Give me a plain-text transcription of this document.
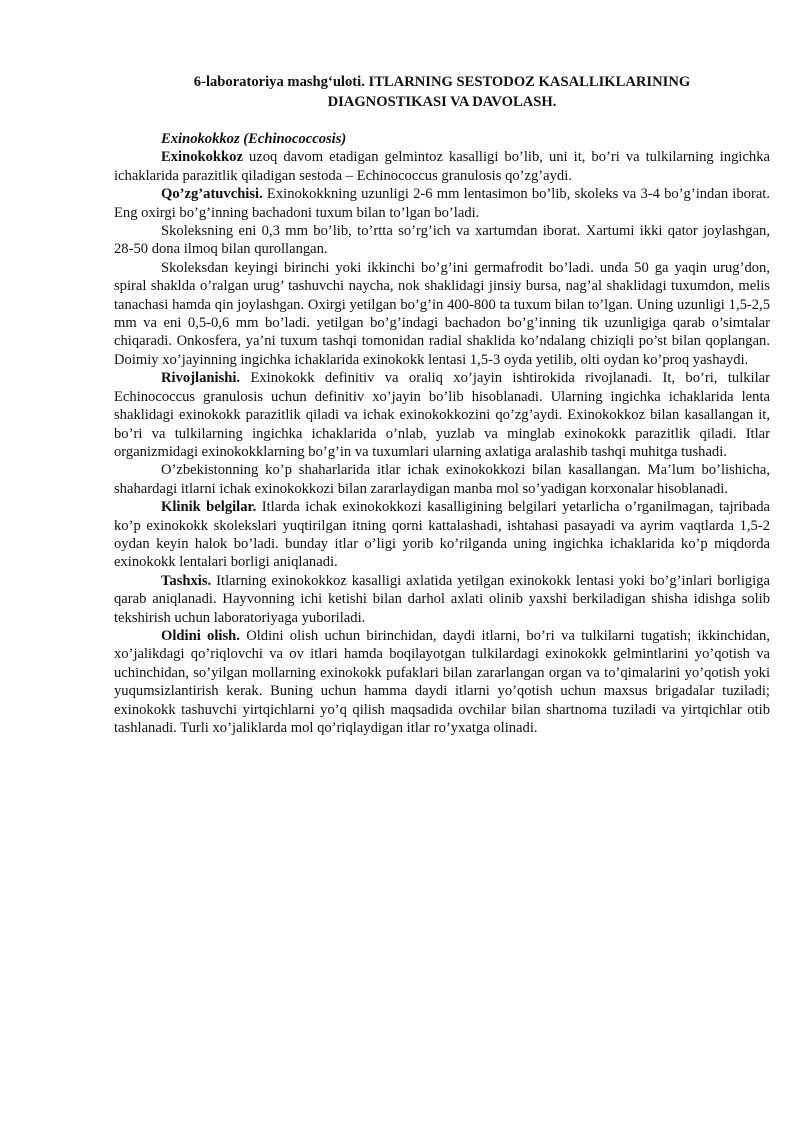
6-laboratoriya mashg‘uloti. ITLARNING SESTODOZ KASALLIKLARINING
DIAGNOSTIKASI VA DAVOLASH.

Exinokokkoz (Echinococcosis)

Exinokokkoz uzoq davom etadigan gelmintoz kasalligi bo’lib, uni it, bo’ri va tulkilarning ingichka ichaklarida parazitlik qiladigan sestoda – Echinococcus granulosis qo’zg’aydi.

Qo’zg’atuvchisi. Exinokokkning uzunligi 2-6 mm lentasimon bo’lib, skoleks va 3-4 bo’g’indan iborat. Eng oxirgi bo’g’inning bachadoni tuxum bilan to’lgan bo’ladi.

Skoleksning eni 0,3 mm bo’lib, to’rtta so’rg’ich va xartumdan iborat. Xartumi ikki qator joylashgan, 28-50 dona ilmoq bilan qurollangan.

Skoleksdan keyingi birinchi yoki ikkinchi bo’g’ini germafrodit bo’ladi. unda 50 ga yaqin urug’don, spiral shaklda o’ralgan urug’ tashuvchi naycha, nok shaklidagi jinsiy bursa, nag’al shaklidagi tuxumdon, melis tanachasi hamda qin joylashgan. Oxirgi yetilgan bo’g’in 400-800 ta tuxum bilan to’lgan. Uning uzunligi 1,5-2,5 mm va eni 0,5-0,6 mm bo’ladi. yetilgan bo’g’indagi bachadon bo’g’inning tik uzunligiga qarab o’simtalar chiqaradi. Onkosfera, ya’ni tuxum tashqi tomonidan radial shaklida ko’ndalang chiziqli po’st bilan qoplangan. Doimiy xo’jayinning ingichka ichaklarida exinokokk lentasi 1,5-3 oyda yetilib, olti oydan ko’proq yashaydi.

Rivojlanishi. Exinokokk definitiv va oraliq xo’jayin ishtirokida rivojlanadi. It, bo’ri, tulkilar Echinococcus granulosis uchun definitiv xo’jayin bo’lib hisoblanadi. Ularning ingichka ichaklarida lenta shaklidagi exinokokk parazitlik qiladi va ichak exinokokkozini qo’zg’aydi. Exinokokkoz bilan kasallangan it, bo’ri va tulkilarning ingichka ichaklarida o’nlab, yuzlab va minglab exinokokk parazitlik qiladi. Itlar organizmidagi exinokokklarning bo’g’in va tuxumlari ularning axlatiga aralashib tashqi muhitga tushadi.

O’zbekistonning ko’p shaharlarida itlar ichak exinokokkozi bilan kasallangan. Ma’lum bo’lishicha, shahardagi itlarni ichak exinokokkozi bilan zararlaydigan manba mol so’yadigan korxonalar hisoblanadi.

Klinik belgilar. Itlarda ichak exinokokkozi kasalligining belgilari yetarlicha o’rganilmagan, tajribada ko’p exinokokk skolekslari yuqtirilgan itning qorni kattalashadi, ishtahasi pasayadi va ayrim vaqtlarda 1,5-2 oydan keyin halok bo’ladi. bunday itlar o’ligi yorib ko’rilganda uning ingichka ichaklarida ko’p miqdorda exinokokk lentalari borligi aniqlanadi.

Tashxis. Itlarning exinokokkoz kasalligi axlatida yetilgan exinokokk lentasi yoki bo’g’inlari borligiga qarab aniqlanadi. Hayvonning ichi ketishi bilan darhol axlati olinib yaxshi berkiladigan shisha idishga solib tekshirish uchun laboratoriyaga yuboriladi.

Oldini olish. Oldini olish uchun birinchidan, daydi itlarni, bo’ri va tulkilarni tugatish; ikkinchidan, xo’jalikdagi qo’riqlovchi va ov itlari hamda boqilayotgan tulkilardagi exinokokk gelmintlarini yo’qotish va uchinchidan, so’yilgan mollarning exinokokk pufaklari bilan zararlangan organ va to’qimalarini yo’qotish yoki yuqumsizlantirish kerak. Buning uchun hamma daydi itlarni yo’qotish uchun maxsus brigadalar tuziladi; exinokokk tashuvchi yirtqichlarni yo’q qilish maqsadida ovchilar bilan shartnoma tuziladi va yirtqichlar otib tashlanadi. Turli xo’jaliklarda mol qo’riqlaydigan itlar ro’yxatga olinadi.
